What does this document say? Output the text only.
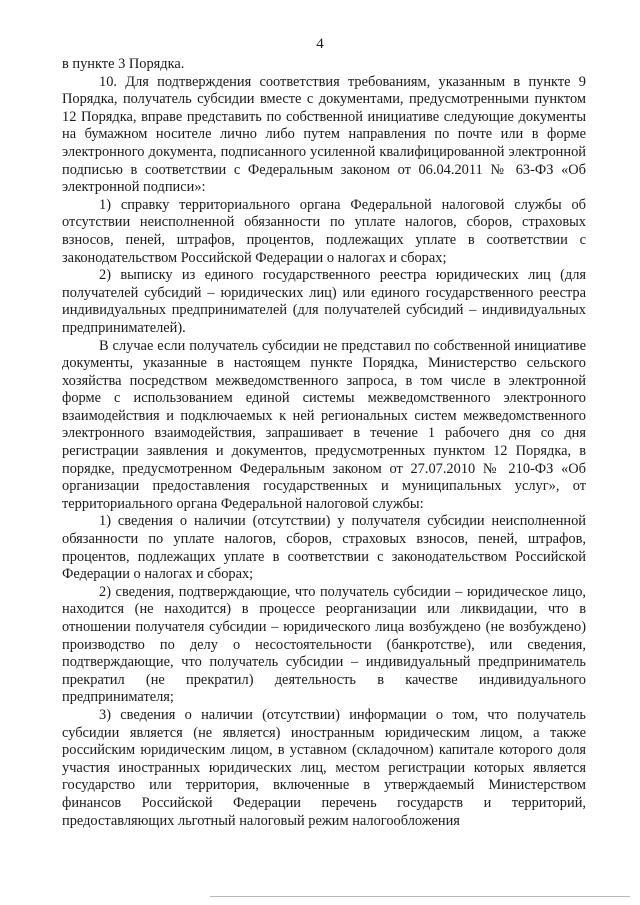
4

в пункте 3 Порядка.

10. Для подтверждения соответствия требованиям, указанным в пункте 9 Порядка, получатель субсидии вместе с документами, предусмотренными пунктом 12 Порядка, вправе представить по собственной инициативе следующие документы на бумажном носителе лично либо путем направления по почте или в форме электронного документа, подписанного усиленной квалифицированной электронной подписью в соответствии с Федеральным законом от 06.04.2011 № 63-ФЗ «Об электронной подписи»:

1) справку территориального органа Федеральной налоговой службы об отсутствии неисполненной обязанности по уплате налогов, сборов, страховых взносов, пеней, штрафов, процентов, подлежащих уплате в соответствии с законодательством Российской Федерации о налогах и сборах;

2) выписку из единого государственного реестра юридических лиц (для получателей субсидий – юридических лиц) или единого государственного реестра индивидуальных предпринимателей (для получателей субсидий – индивидуальных предпринимателей).

В случае если получатель субсидии не представил по собственной инициативе документы, указанные в настоящем пункте Порядка, Министерство сельского хозяйства посредством межведомственного запроса, в том числе в электронной форме с использованием единой системы межведомственного электронного взаимодействия и подключаемых к ней региональных систем межведомственного электронного взаимодействия, запрашивает в течение 1 рабочего дня со дня регистрации заявления и документов, предусмотренных пунктом 12 Порядка, в порядке, предусмотренном Федеральным законом от 27.07.2010 № 210-ФЗ «Об организации предоставления государственных и муниципальных услуг», от территориального органа Федеральной налоговой службы:

1) сведения о наличии (отсутствии) у получателя субсидии неисполненной обязанности по уплате налогов, сборов, страховых взносов, пеней, штрафов, процентов, подлежащих уплате в соответствии с законодательством Российской Федерации о налогах и сборах;

2) сведения, подтверждающие, что получатель субсидии – юридическое лицо, находится (не находится) в процессе реорганизации или ликвидации, что в отношении получателя субсидии – юридического лица возбуждено (не возбуждено) производство по делу о несостоятельности (банкротстве), или сведения, подтверждающие, что получатель субсидии – индивидуальный предприниматель прекратил (не прекратил) деятельность в качестве индивидуального предпринимателя;

3) сведения о наличии (отсутствии) информации о том, что получатель субсидии является (не является) иностранным юридическим лицом, а также российским юридическим лицом, в уставном (складочном) капитале которого доля участия иностранных юридических лиц, местом регистрации которых является государство или территория, включенные в утверждаемый Министерством финансов Российской Федерации перечень государств и территорий, предоставляющих льготный налоговый режим налогообложения
